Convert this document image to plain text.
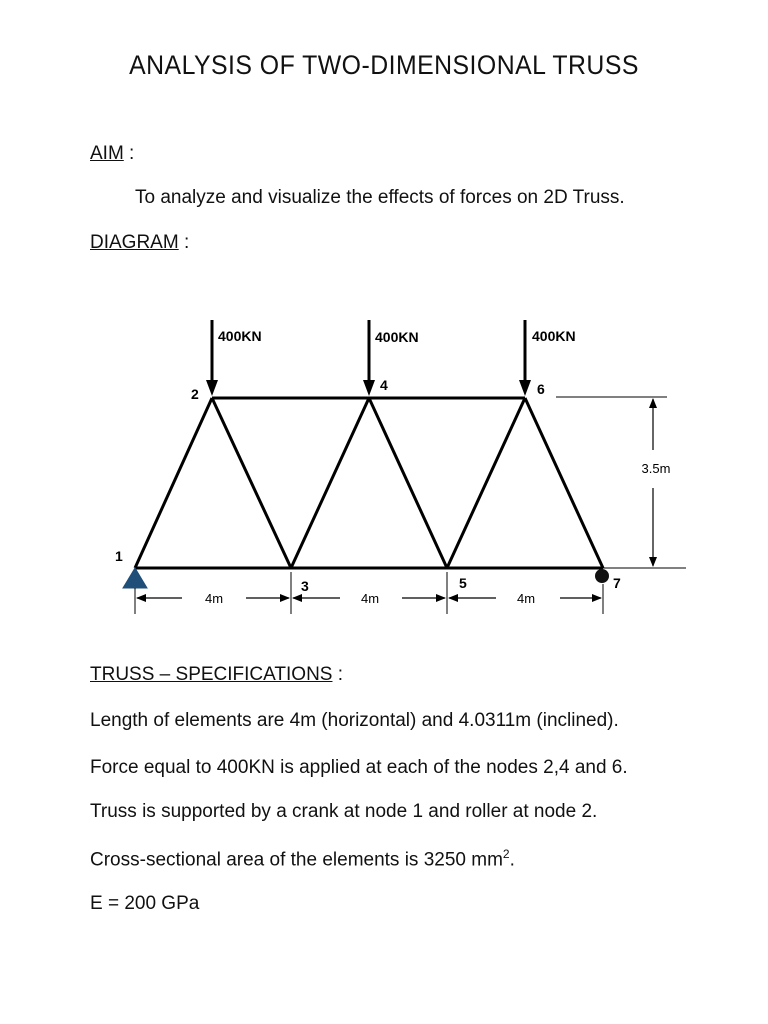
ANALYSIS OF TWO-DIMENSIONAL TRUSS
AIM :
To analyze and visualize the effects of forces on 2D Truss.
DIAGRAM :
400KN	400KN	400KN
1
2
3
4
5
6
7
4m	4m	4m
3.5m
TRUSS – SPECIFICATIONS :
Length of elements are 4m (horizontal) and 4.0311m (inclined).
Force equal to 400KN is applied at each of the nodes 2,4 and 6.
Truss is supported by a crank at node 1 and roller at node 2.
Cross-sectional area of the elements is 3250 $mm^2$.
E = 200 GPa
